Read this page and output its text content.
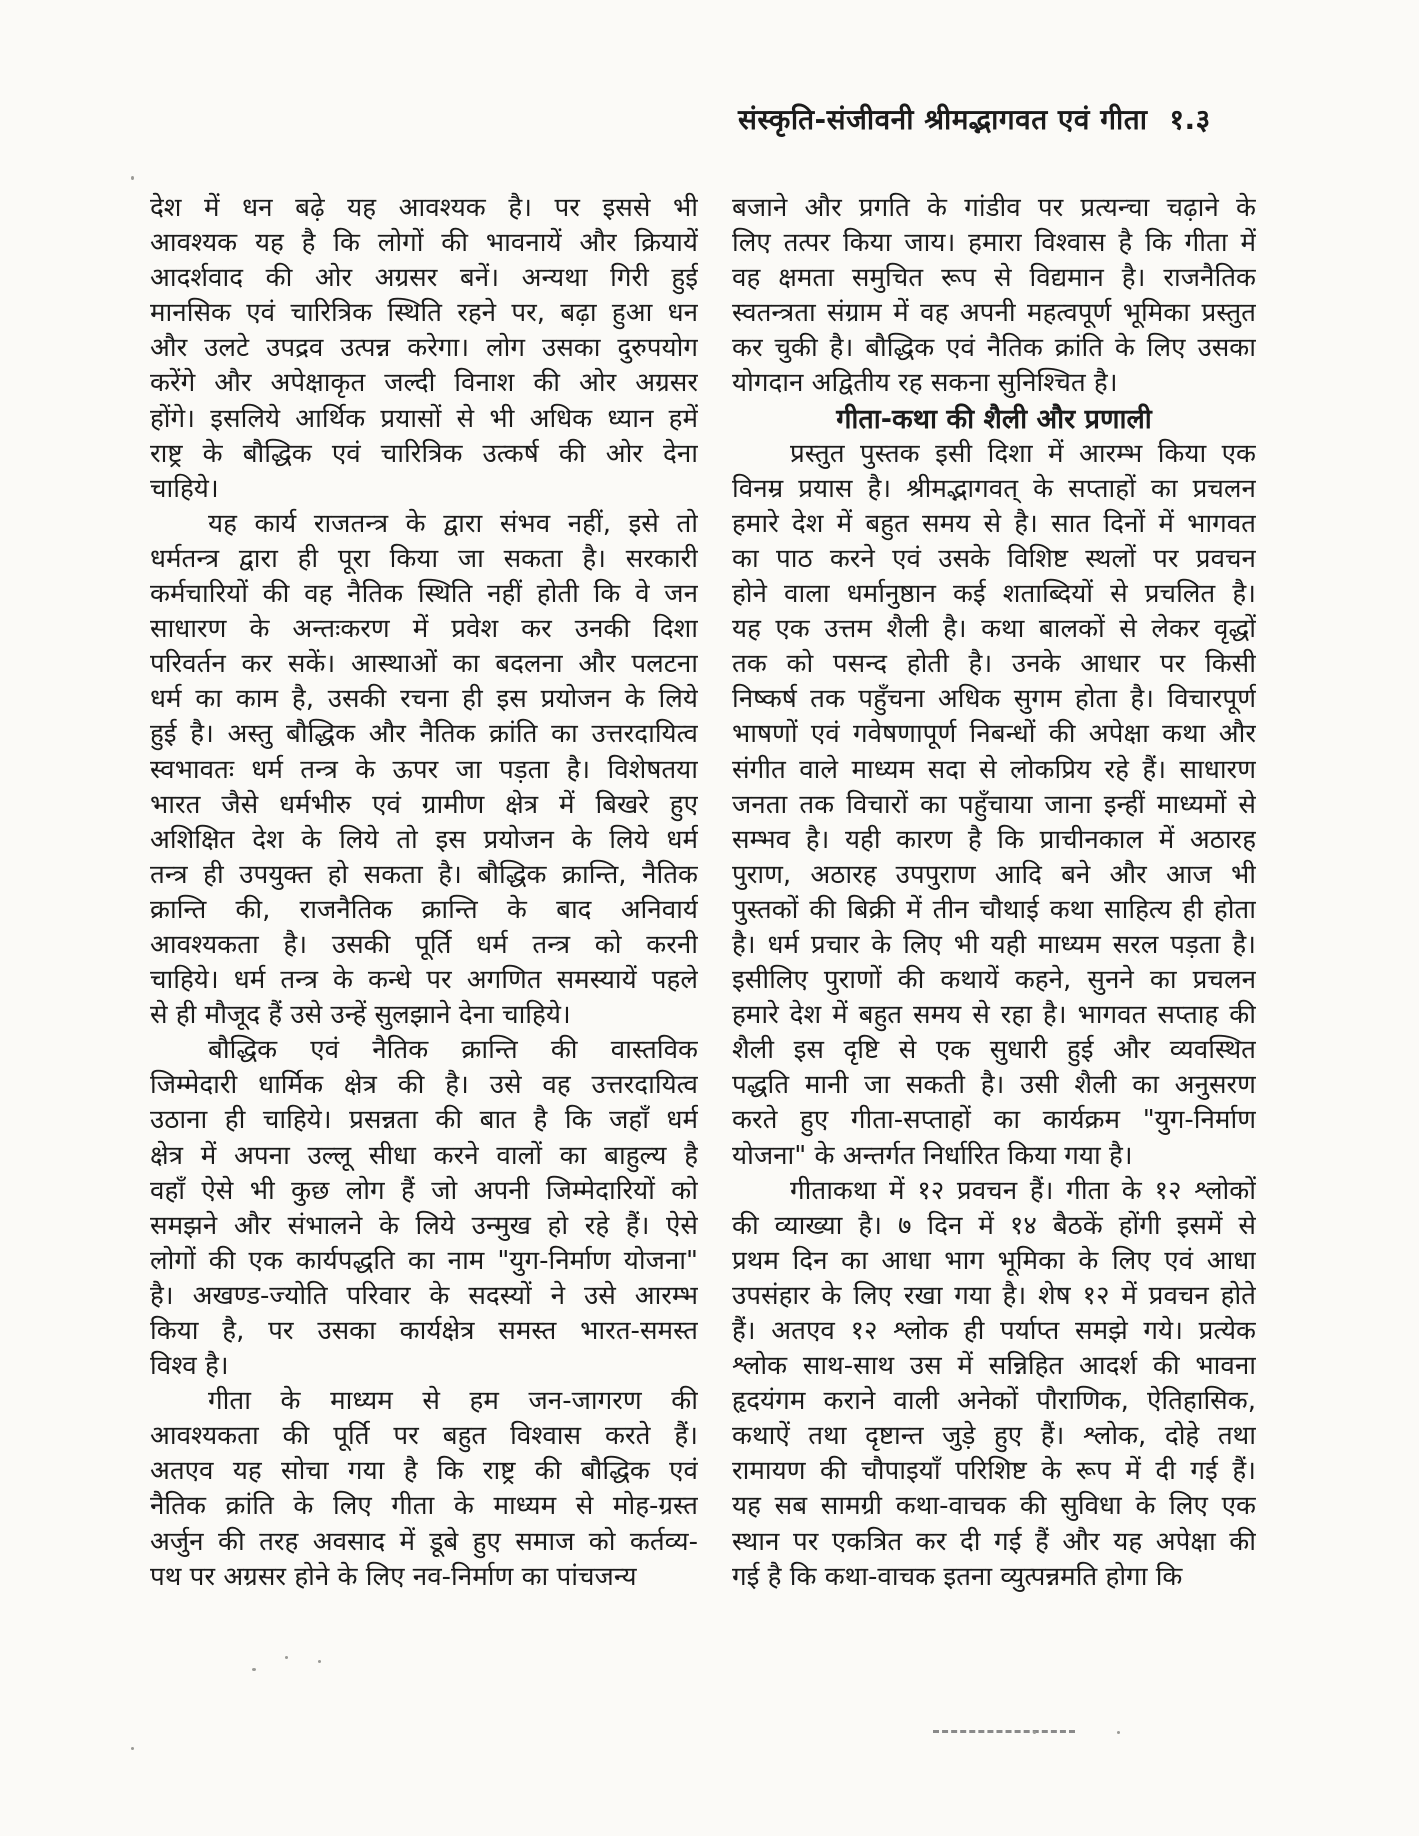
संस्कृति-संजीवनी श्रीमद्भागवत एवं गीता १.३
देश में धन बढ़े यह आवश्यक है। पर इससे भी
आवश्यक यह है कि लोगों की भावनायें और क्रियायें
आदर्शवाद की ओर अग्रसर बनें। अन्यथा गिरी हुई
मानसिक एवं चारित्रिक स्थिति रहने पर, बढ़ा हुआ धन
और उलटे उपद्रव उत्पन्न करेगा। लोग उसका दुरुपयोग
करेंगे और अपेक्षाकृत जल्दी विनाश की ओर अग्रसर
होंगे। इसलिये आर्थिक प्रयासों से भी अधिक ध्यान हमें
राष्ट्र के बौद्धिक एवं चारित्रिक उत्कर्ष की ओर देना
चाहिये।
यह कार्य राजतन्त्र के द्वारा संभव नहीं, इसे तो
धर्मतन्त्र द्वारा ही पूरा किया जा सकता है। सरकारी
कर्मचारियों की वह नैतिक स्थिति नहीं होती कि वे जन
साधारण के अन्तःकरण में प्रवेश कर उनकी दिशा
परिवर्तन कर सकें। आस्थाओं का बदलना और पलटना
धर्म का काम है, उसकी रचना ही इस प्रयोजन के लिये
हुई है। अस्तु बौद्धिक और नैतिक क्रांति का उत्तरदायित्व
स्वभावतः धर्म तन्त्र के ऊपर जा पड़ता है। विशेषतया
भारत जैसे धर्मभीरु एवं ग्रामीण क्षेत्र में बिखरे हुए
अशिक्षित देश के लिये तो इस प्रयोजन के लिये धर्म
तन्त्र ही उपयुक्त हो सकता है। बौद्धिक क्रान्ति, नैतिक
क्रान्ति की, राजनैतिक क्रान्ति के बाद अनिवार्य
आवश्यकता है। उसकी पूर्ति धर्म तन्त्र को करनी
चाहिये। धर्म तन्त्र के कन्धे पर अगणित समस्यायें पहले
से ही मौजूद हैं उसे उन्हें सुलझाने देना चाहिये।
बौद्धिक एवं नैतिक क्रान्ति की वास्तविक
जिम्मेदारी धार्मिक क्षेत्र की है। उसे वह उत्तरदायित्व
उठाना ही चाहिये। प्रसन्नता की बात है कि जहाँ धर्म
क्षेत्र में अपना उल्लू सीधा करने वालों का बाहुल्य है
वहाँ ऐसे भी कुछ लोग हैं जो अपनी जिम्मेदारियों को
समझने और संभालने के लिये उन्मुख हो रहे हैं। ऐसे
लोगों की एक कार्यपद्धति का नाम "युग-निर्माण योजना"
है। अखण्ड-ज्योति परिवार के सदस्यों ने उसे आरम्भ
किया है, पर उसका कार्यक्षेत्र समस्त भारत-समस्त
विश्व है।
गीता के माध्यम से हम जन-जागरण की
आवश्यकता की पूर्ति पर बहुत विश्वास करते हैं।
अतएव यह सोचा गया है कि राष्ट्र की बौद्धिक एवं
नैतिक क्रांति के लिए गीता के माध्यम से मोह-ग्रस्त
अर्जुन की तरह अवसाद में डूबे हुए समाज को कर्तव्य-
पथ पर अग्रसर होने के लिए नव-निर्माण का पांचजन्य
बजाने और प्रगति के गांडीव पर प्रत्यन्चा चढ़ाने के
लिए तत्पर किया जाय। हमारा विश्वास है कि गीता में
वह क्षमता समुचित रूप से विद्यमान है। राजनैतिक
स्वतन्त्रता संग्राम में वह अपनी महत्वपूर्ण भूमिका प्रस्तुत
कर चुकी है। बौद्धिक एवं नैतिक क्रांति के लिए उसका
योगदान अद्वितीय रह सकना सुनिश्चित है।
गीता-कथा की शैली और प्रणाली
प्रस्तुत पुस्तक इसी दिशा में आरम्भ किया एक
विनम्र प्रयास है। श्रीमद्भागवत् के सप्ताहों का प्रचलन
हमारे देश में बहुत समय से है। सात दिनों में भागवत
का पाठ करने एवं उसके विशिष्ट स्थलों पर प्रवचन
होने वाला धर्मानुष्ठान कई शताब्दियों से प्रचलित है।
यह एक उत्तम शैली है। कथा बालकों से लेकर वृद्धों
तक को पसन्द होती है। उनके आधार पर किसी
निष्कर्ष तक पहुँचना अधिक सुगम होता है। विचारपूर्ण
भाषणों एवं गवेषणापूर्ण निबन्धों की अपेक्षा कथा और
संगीत वाले माध्यम सदा से लोकप्रिय रहे हैं। साधारण
जनता तक विचारों का पहुँचाया जाना इन्हीं माध्यमों से
सम्भव है। यही कारण है कि प्राचीनकाल में अठारह
पुराण, अठारह उपपुराण आदि बने और आज भी
पुस्तकों की बिक्री में तीन चौथाई कथा साहित्य ही होता
है। धर्म प्रचार के लिए भी यही माध्यम सरल पड़ता है।
इसीलिए पुराणों की कथायें कहने, सुनने का प्रचलन
हमारे देश में बहुत समय से रहा है। भागवत सप्ताह की
शैली इस दृष्टि से एक सुधारी हुई और व्यवस्थित
पद्धति मानी जा सकती है। उसी शैली का अनुसरण
करते हुए गीता-सप्ताहों का कार्यक्रम "युग-निर्माण
योजना" के अन्तर्गत निर्धारित किया गया है।
गीताकथा में १२ प्रवचन हैं। गीता के १२ श्लोकों
की व्याख्या है। ७ दिन में १४ बैठकें होंगी इसमें से
प्रथम दिन का आधा भाग भूमिका के लिए एवं आधा
उपसंहार के लिए रखा गया है। शेष १२ में प्रवचन होते
हैं। अतएव १२ श्लोक ही पर्याप्त समझे गये। प्रत्येक
श्लोक साथ-साथ उस में सन्निहित आदर्श की भावना
हृदयंगम कराने वाली अनेकों पौराणिक, ऐतिहासिक,
कथाऐं तथा दृष्टान्त जुड़े हुए हैं। श्लोक, दोहे तथा
रामायण की चौपाइयाँ परिशिष्ट के रूप में दी गई हैं।
यह सब सामग्री कथा-वाचक की सुविधा के लिए एक
स्थान पर एकत्रित कर दी गई हैं और यह अपेक्षा की
गई है कि कथा-वाचक इतना व्युत्पन्नमति होगा कि
